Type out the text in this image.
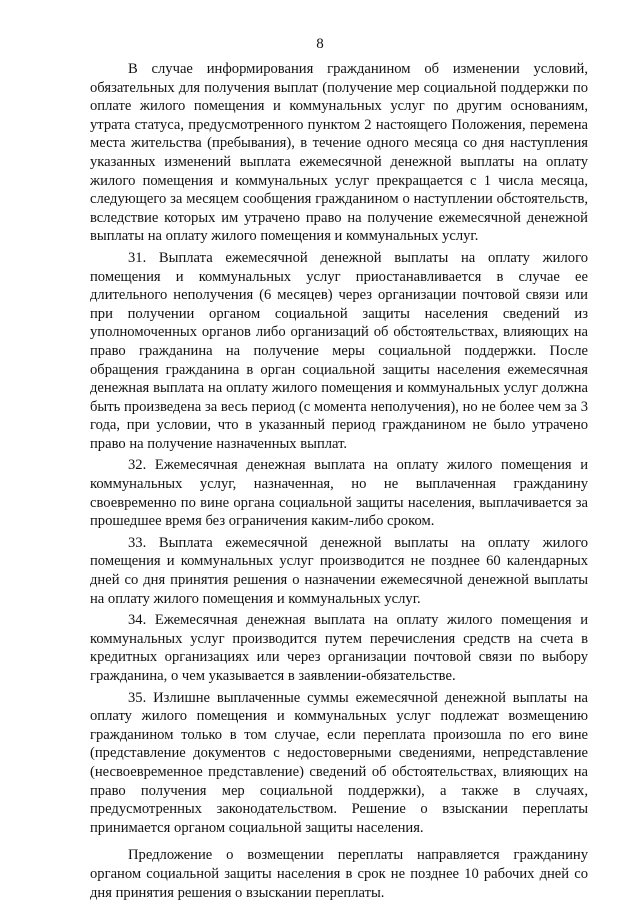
8

В случае информирования гражданином об изменении условий, обязательных для получения выплат (получение мер социальной поддержки по оплате жилого помещения и коммунальных услуг по другим основаниям, утрата статуса, предусмотренного пунктом 2 настоящего Положения, перемена места жительства (пребывания), в течение одного месяца со дня наступления указанных изменений выплата ежемесячной денежной выплаты на оплату жилого помещения и коммунальных услуг прекращается с 1 числа месяца, следующего за месяцем сообщения гражданином о наступлении обстоятельств, вследствие которых им утрачено право на получение ежемесячной денежной выплаты на оплату жилого помещения и коммунальных услуг.

31. Выплата ежемесячной денежной выплаты на оплату жилого помещения и коммунальных услуг приостанавливается в случае ее длительного неполучения (6 месяцев) через организации почтовой связи или при получении органом социальной защиты населения сведений из уполномоченных органов либо организаций об обстоятельствах, влияющих на право гражданина на получение меры социальной поддержки. После обращения гражданина в орган социальной защиты населения ежемесячная денежная выплата на оплату жилого помещения и коммунальных услуг должна быть произведена за весь период (с момента неполучения), но не более чем за 3 года, при условии, что в указанный период гражданином не было утрачено право на получение назначенных выплат.

32. Ежемесячная денежная выплата на оплату жилого помещения и коммунальных услуг, назначенная, но не выплаченная гражданину своевременно по вине органа социальной защиты населения, выплачивается за прошедшее время без ограничения каким-либо сроком.

33. Выплата ежемесячной денежной выплаты на оплату жилого помещения и коммунальных услуг производится не позднее 60 календарных дней со дня принятия решения о назначении ежемесячной денежной выплаты на оплату жилого помещения и коммунальных услуг.

34. Ежемесячная денежная выплата на оплату жилого помещения и коммунальных услуг производится путем перечисления средств на счета в кредитных организациях или через организации почтовой связи по выбору гражданина, о чем указывается в заявлении-обязательстве.

35. Излишне выплаченные суммы ежемесячной денежной выплаты на оплату жилого помещения и коммунальных услуг подлежат возмещению гражданином только в том случае, если переплата произошла по его вине (представление документов с недостоверными сведениями, непредставление (несвоевременное представление) сведений об обстоятельствах, влияющих на право получения мер социальной поддержки), а также в случаях, предусмотренных законодательством. Решение о взыскании переплаты принимается органом социальной защиты населения.

Предложение о возмещении переплаты направляется гражданину органом социальной защиты населения в срок не позднее 10 рабочих дней со дня принятия решения о взыскании переплаты.
